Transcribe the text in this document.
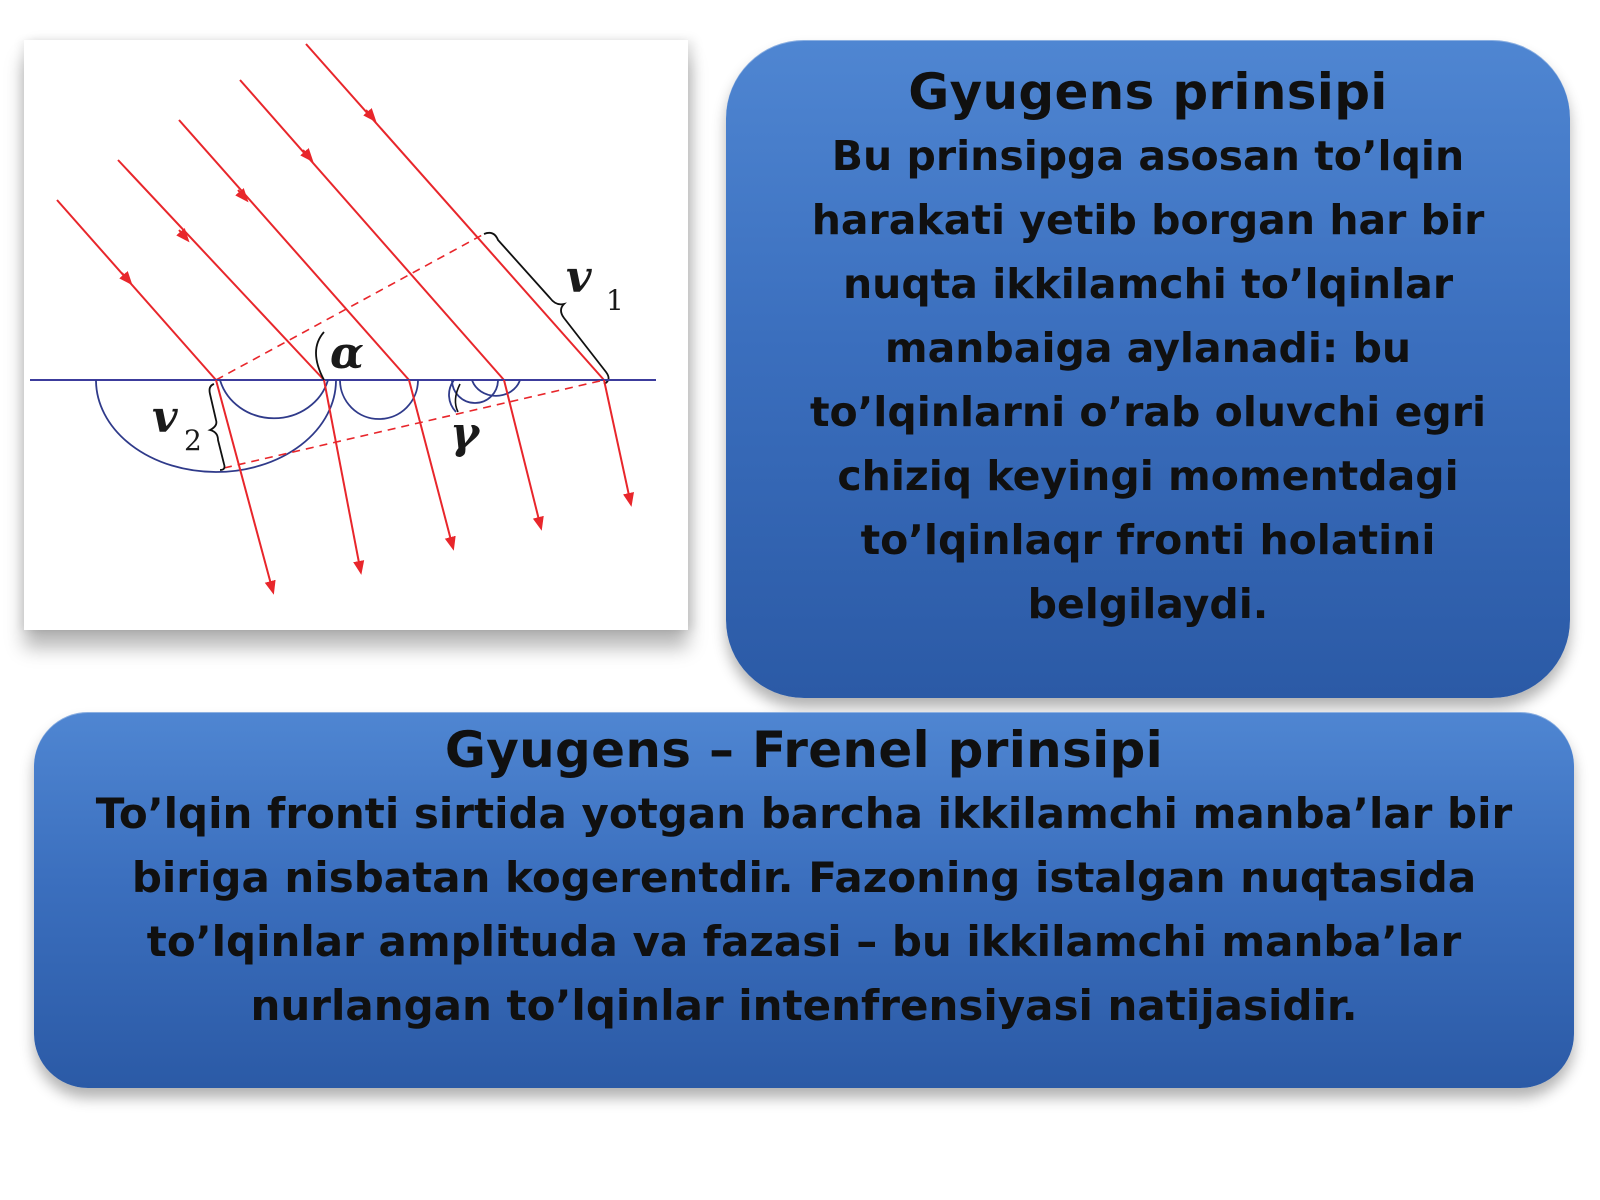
v 1
v 2
α
γ

Gyugens prinsipi

Bu prinsipga asosan to’lqin harakati yetib borgan har bir nuqta ikkilamchi to’lqinlar manbaiga aylanadi: bu to’lqinlarni o’rab oluvchi egri chiziq keyingi momentdagi to’lqinlaqr fronti holatini belgilaydi.

Gyugens – Frenel prinsipi

To’lqin fronti sirtida yotgan barcha ikkilamchi manba’lar bir biriga nisbatan kogerentdir. Fazoning istalgan nuqtasida to’lqinlar amplituda va fazasi – bu ikkilamchi manba’lar nurlangan to’lqinlar intenfrensiyasi natijasidir.
